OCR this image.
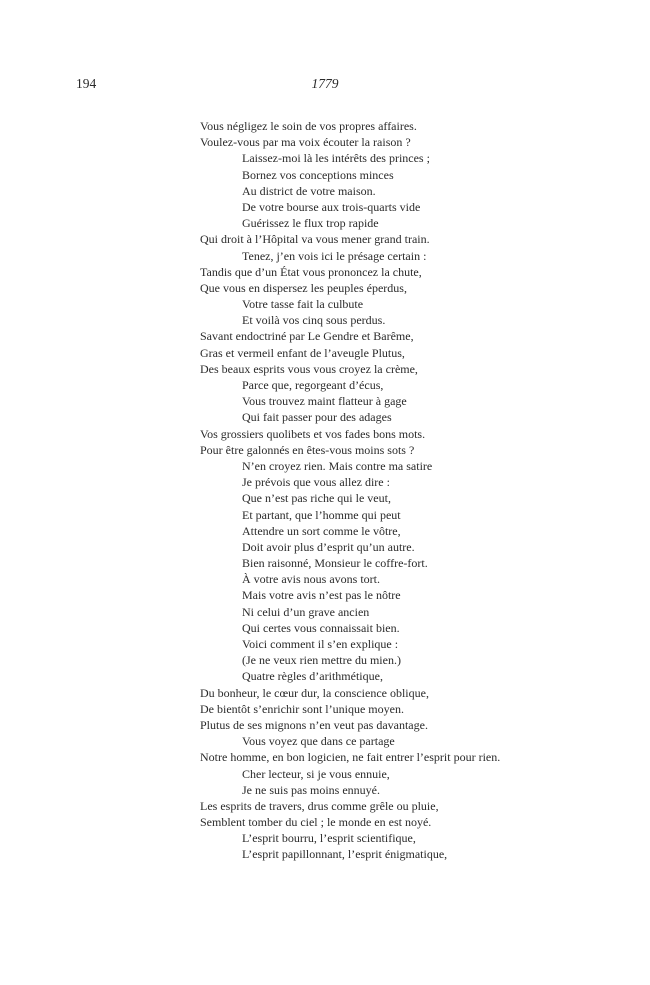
194	1779
Vous négligez le soin de vos propres affaires.
Voulez-vous par ma voix écouter la raison ?
Laissez-moi là les intérêts des princes ;
Bornez vos conceptions minces
Au district de votre maison.
De votre bourse aux trois-quarts vide
Guérissez le flux trop rapide
Qui droit à l’Hôpital va vous mener grand train.
Tenez, j’en vois ici le présage certain :
Tandis que d’un État vous prononcez la chute,
Que vous en dispersez les peuples éperdus,
Votre tasse fait la culbute
Et voilà vos cinq sous perdus.
Savant endoctriné par Le Gendre et Barême,
Gras et vermeil enfant de l’aveugle Plutus,
Des beaux esprits vous vous croyez la crème,
Parce que, regorgeant d’écus,
Vous trouvez maint flatteur à gage
Qui fait passer pour des adages
Vos grossiers quolibets et vos fades bons mots.
Pour être galonnés en êtes-vous moins sots ?
N’en croyez rien. Mais contre ma satire
Je prévois que vous allez dire :
Que n’est pas riche qui le veut,
Et partant, que l’homme qui peut
Attendre un sort comme le vôtre,
Doit avoir plus d’esprit qu’un autre.
Bien raisonné, Monsieur le coffre-fort.
À votre avis nous avons tort.
Mais votre avis n’est pas le nôtre
Ni celui d’un grave ancien
Qui certes vous connaissait bien.
Voici comment il s’en explique :
(Je ne veux rien mettre du mien.)
Quatre règles d’arithmétique,
Du bonheur, le cœur dur, la conscience oblique,
De bientôt s’enrichir sont l’unique moyen.
Plutus de ses mignons n’en veut pas davantage.
Vous voyez que dans ce partage
Notre homme, en bon logicien, ne fait entrer l’esprit pour rien.
Cher lecteur, si je vous ennuie,
Je ne suis pas moins ennuyé.
Les esprits de travers, drus comme grêle ou pluie,
Semblent tomber du ciel ; le monde en est noyé.
L’esprit bourru, l’esprit scientifique,
L’esprit papillonnant, l’esprit énigmatique,
